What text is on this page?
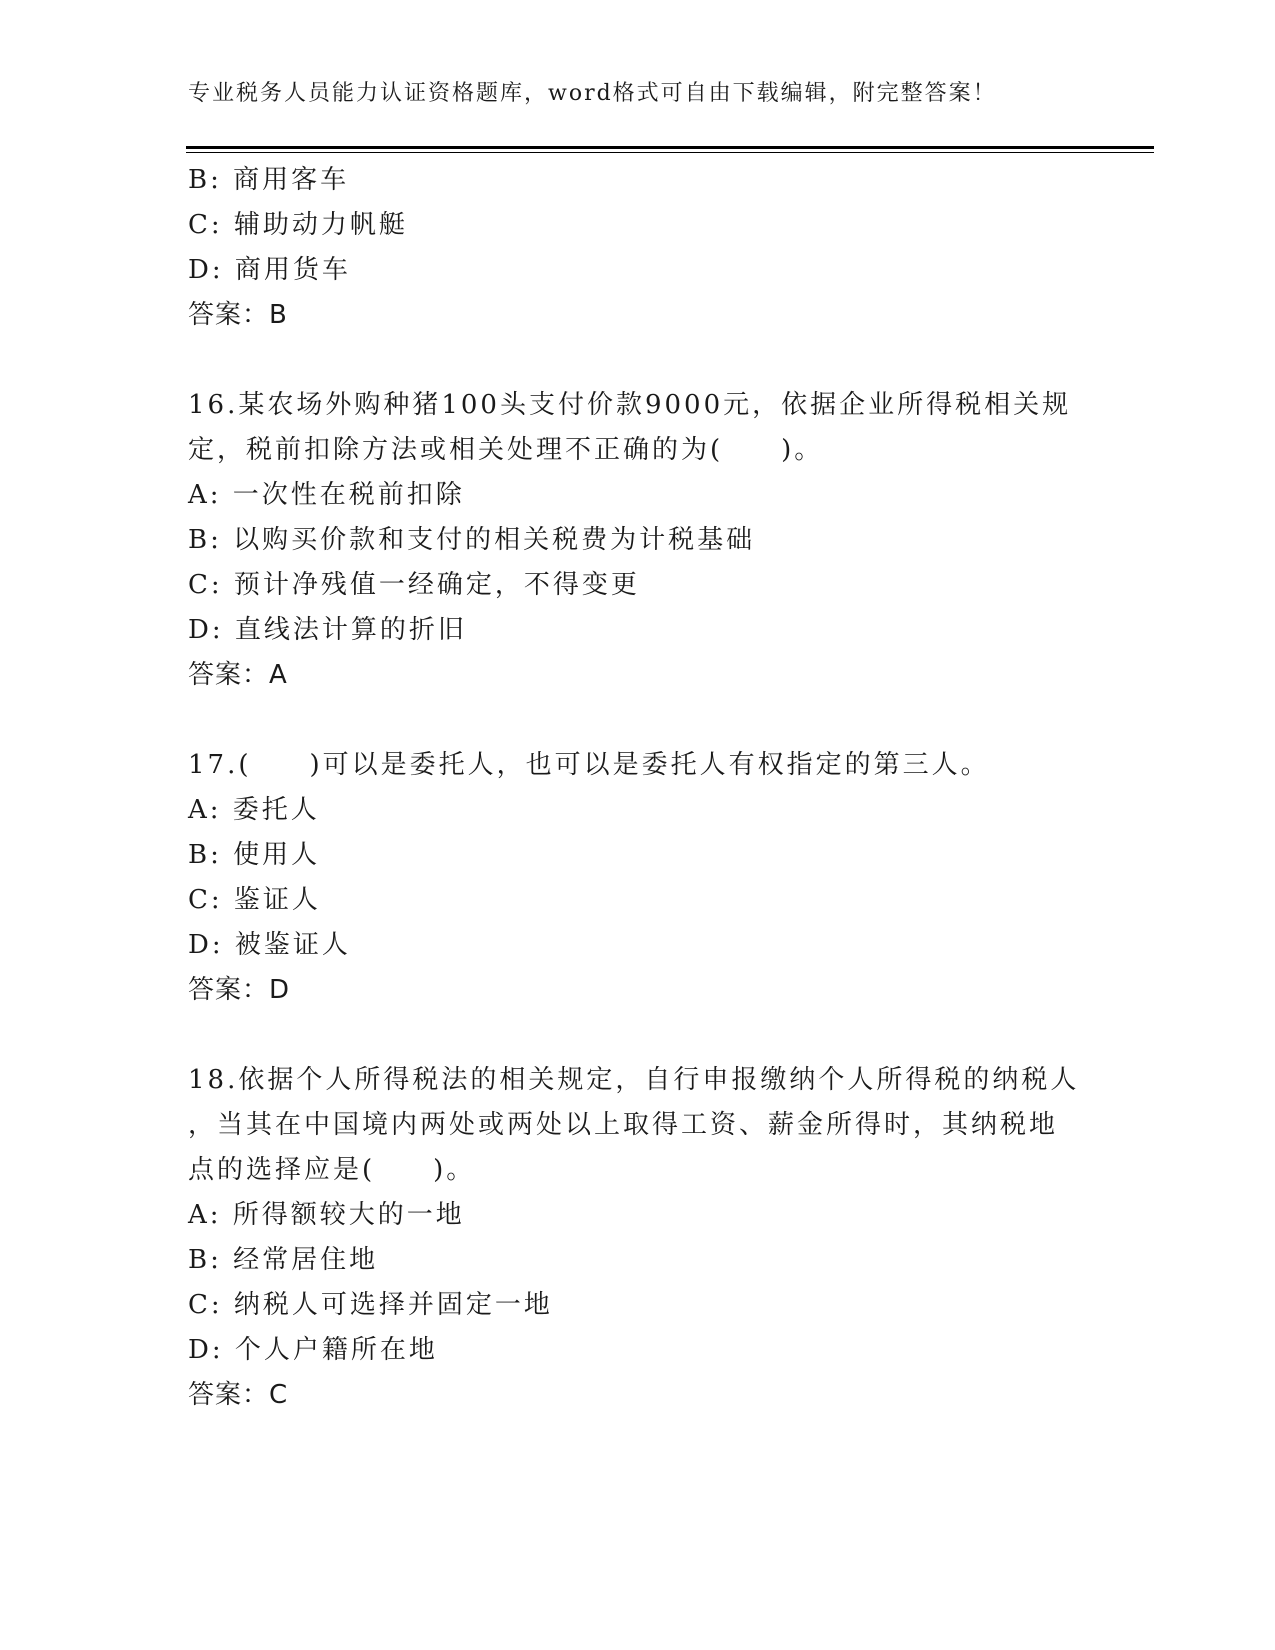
专业税务人员能力认证资格题库，word格式可自由下载编辑，附完整答案！
B: 商用客车
C: 辅助动力帆艇
D: 商用货车
答案：B
16.某农场外购种猪100头支付价款9000元，依据企业所得税相关规
定，税前扣除方法或相关处理不正确的为(　　)。
A: 一次性在税前扣除
B: 以购买价款和支付的相关税费为计税基础
C: 预计净残值一经确定，不得变更
D: 直线法计算的折旧
答案：A
17.(　　)可以是委托人，也可以是委托人有权指定的第三人。
A: 委托人
B: 使用人
C: 鉴证人
D: 被鉴证人
答案：D
18.依据个人所得税法的相关规定，自行申报缴纳个人所得税的纳税人
，当其在中国境内两处或两处以上取得工资、薪金所得时，其纳税地
点的选择应是(　　)。
A: 所得额较大的一地
B: 经常居住地
C: 纳税人可选择并固定一地
D: 个人户籍所在地
答案：C
